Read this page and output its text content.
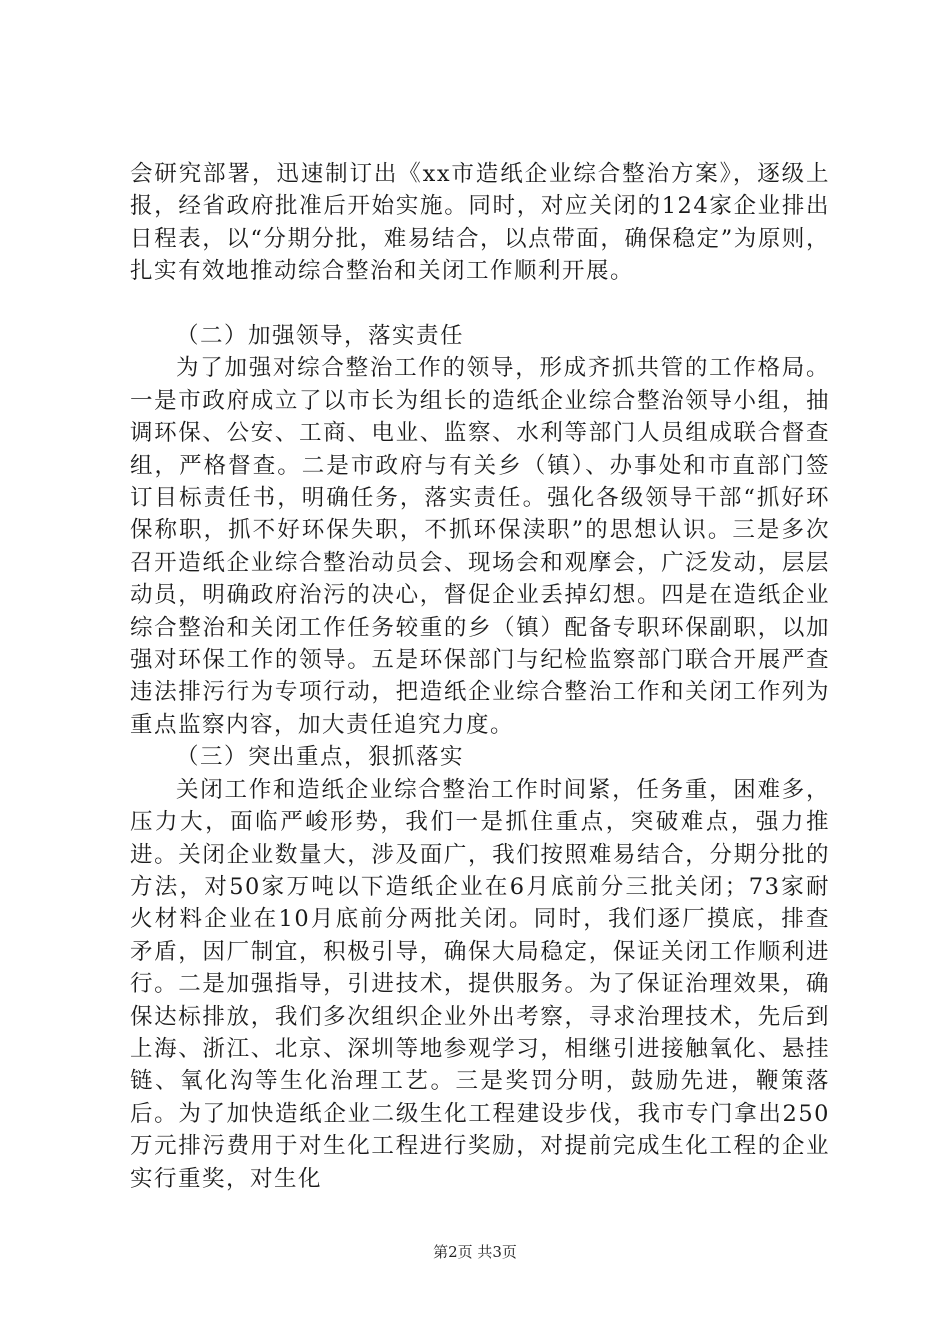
会研究部署，迅速制订出《xx市造纸企业综合整治方案》，逐级上报，经省政府批准后开始实施。同时，对应关闭的124家企业排出日程表，以“分期分批，难易结合，以点带面，确保稳定”为原则，扎实有效地推动综合整治和关闭工作顺利开展。

（二）加强领导，落实责任

为了加强对综合整治工作的领导，形成齐抓共管的工作格局。一是市政府成立了以市长为组长的造纸企业综合整治领导小组，抽调环保、公安、工商、电业、监察、水利等部门人员组成联合督查组，严格督查。二是市政府与有关乡（镇）、办事处和市直部门签订目标责任书，明确任务，落实责任。强化各级领导干部“抓好环保称职，抓不好环保失职，不抓环保渎职”的思想认识。三是多次召开造纸企业综合整治动员会、现场会和观摩会，广泛发动，层层动员，明确政府治污的决心，督促企业丢掉幻想。四是在造纸企业综合整治和关闭工作任务较重的乡（镇）配备专职环保副职，以加强对环保工作的领导。五是环保部门与纪检监察部门联合开展严查违法排污行为专项行动，把造纸企业综合整治工作和关闭工作列为重点监察内容，加大责任追究力度。

（三）突出重点，狠抓落实

关闭工作和造纸企业综合整治工作时间紧，任务重，困难多，压力大，面临严峻形势，我们一是抓住重点，突破难点，强力推进。关闭企业数量大，涉及面广，我们按照难易结合，分期分批的方法，对50家万吨以下造纸企业在6月底前分三批关闭；73家耐火材料企业在10月底前分两批关闭。同时，我们逐厂摸底，排查矛盾，因厂制宜，积极引导，确保大局稳定，保证关闭工作顺利进行。二是加强指导，引进技术，提供服务。为了保证治理效果，确保达标排放，我们多次组织企业外出考察，寻求治理技术，先后到上海、浙江、北京、深圳等地参观学习，相继引进接触氧化、悬挂链、氧化沟等生化治理工艺。三是奖罚分明，鼓励先进，鞭策落后。为了加快造纸企业二级生化工程建设步伐，我市专门拿出250万元排污费用于对生化工程进行奖励，对提前完成生化工程的企业实行重奖，对生化

第2页 共3页
